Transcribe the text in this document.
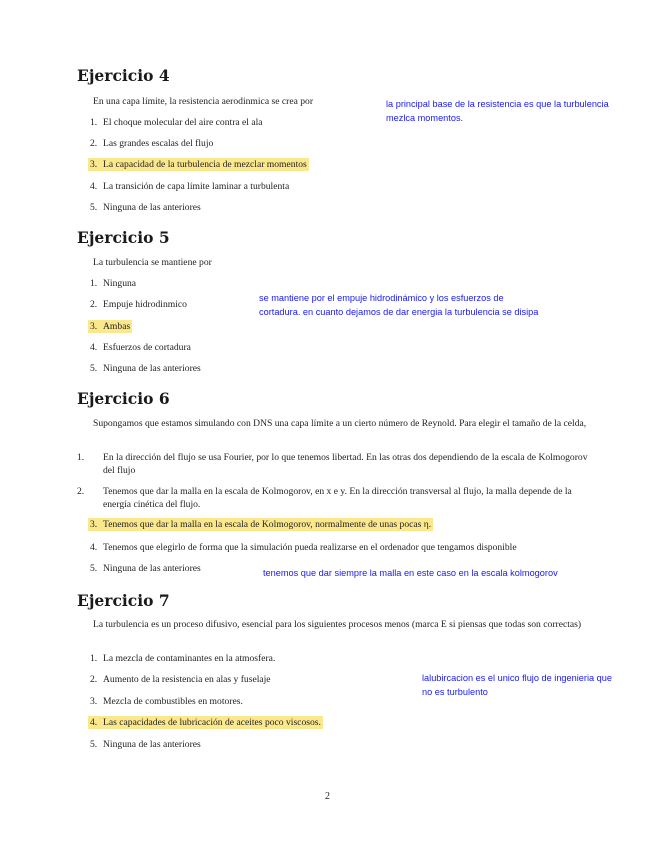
Ejercicio 4
En una capa límite, la resistencia aerodinmica se crea por
1. El choque molecular del aire contra el ala
2. Las grandes escalas del flujo
3. La capacidad de la turbulencia de mezclar momentos
4. La transición de capa límite laminar a turbulenta
5. Ninguna de las anteriores
la principal base de la resistencia es que la turbulencia
mezlca momentos.
Ejercicio 5
La turbulencia se mantiene por
1. Ninguna
2. Empuje hidrodinmico
3. Ambas
4. Esfuerzos de cortadura
5. Ninguna de las anteriores
se mantiene por el empuje hidrodinámico y los esfuerzos de
cortadura. en cuanto dejamos de dar energia la turbulencia se disipa
Ejercicio 6
Supongamos que estamos simulando con DNS una capa límite a un cierto número de Reynold. Para elegir el tamaño de la celda,
1. En la dirección del flujo se usa Fourier, por lo que tenemos libertad. En las otras dos dependiendo de la escala de Kolmogorov del flujo
2. Tenemos que dar la malla en la escala de Kolmogorov, en x e y. En la dirección transversal al flujo, la malla depende de la energía cinética del flujo.
3. Tenemos que dar la malla en la escala de Kolmogorov, normalmente de unas pocas η.
4. Tenemos que elegirlo de forma que la simulación pueda realizarse en el ordenador que tengamos disponible
5. Ninguna de las anteriores	tenemos que dar siempre la malla en este caso en la escala kolmogorov
Ejercicio 7
La turbulencia es un proceso difusivo, esencial para los siguientes procesos menos (marca E si piensas que todas son correctas)
1. La mezcla de contaminantes en la atmosfera.
2. Aumento de la resistencia en alas y fuselaje
3. Mezcla de combustibles en motores.
4. Las capacidades de lubricación de aceites poco viscosos.
5. Ninguna de las anteriores
lalubircacion es el unico flujo de ingenieria que
no es turbulento
2
